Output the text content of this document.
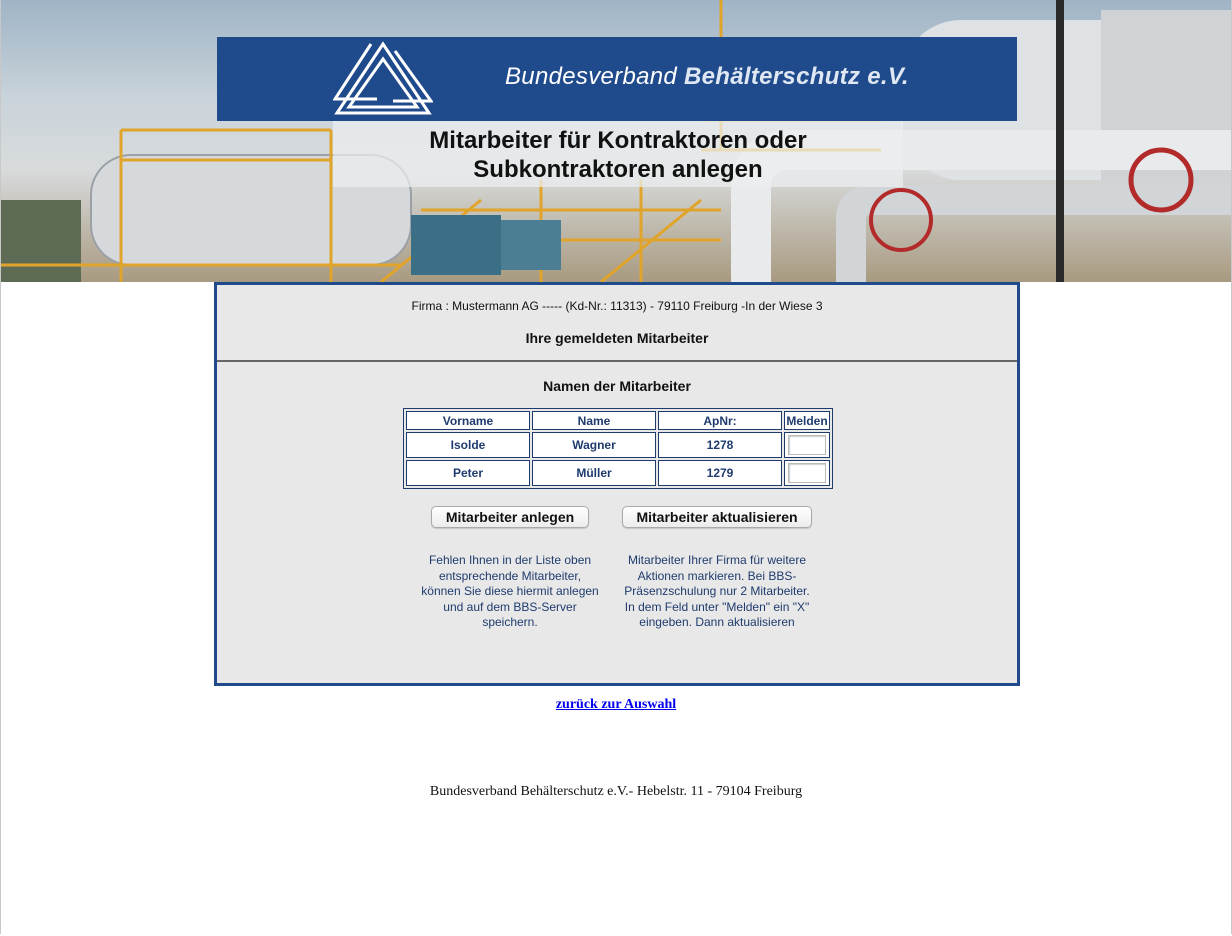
Bundesverband Behälterschutz e.V.
Mitarbeiter für Kontraktoren oder
Subkontraktoren anlegen
Firma : Mustermann AG ----- (Kd-Nr.: 11313) - 79110 Freiburg -In der Wiese 3
Ihre gemeldeten Mitarbeiter
Namen der Mitarbeiter
Vorname	Name	ApNr:	Melden
Isolde	Wagner	1278	

Peter	Müller	1279	
Mitarbeiter anlegen	Mitarbeiter aktualisieren
Fehlen Ihnen in der Liste oben
entsprechende Mitarbeiter,
können Sie diese hiermit anlegen
und auf dem BBS-Server
speichern.
Mitarbeiter Ihrer Firma für weitere
Aktionen markieren. Bei BBS-
Präsenzschulung nur 2 Mitarbeiter.
In dem Feld unter "Melden" ein "X"
eingeben. Dann aktualisieren
zurück zur Auswahl
Bundesverband Behälterschutz e.V.- Hebelstr. 11 - 79104 Freiburg
